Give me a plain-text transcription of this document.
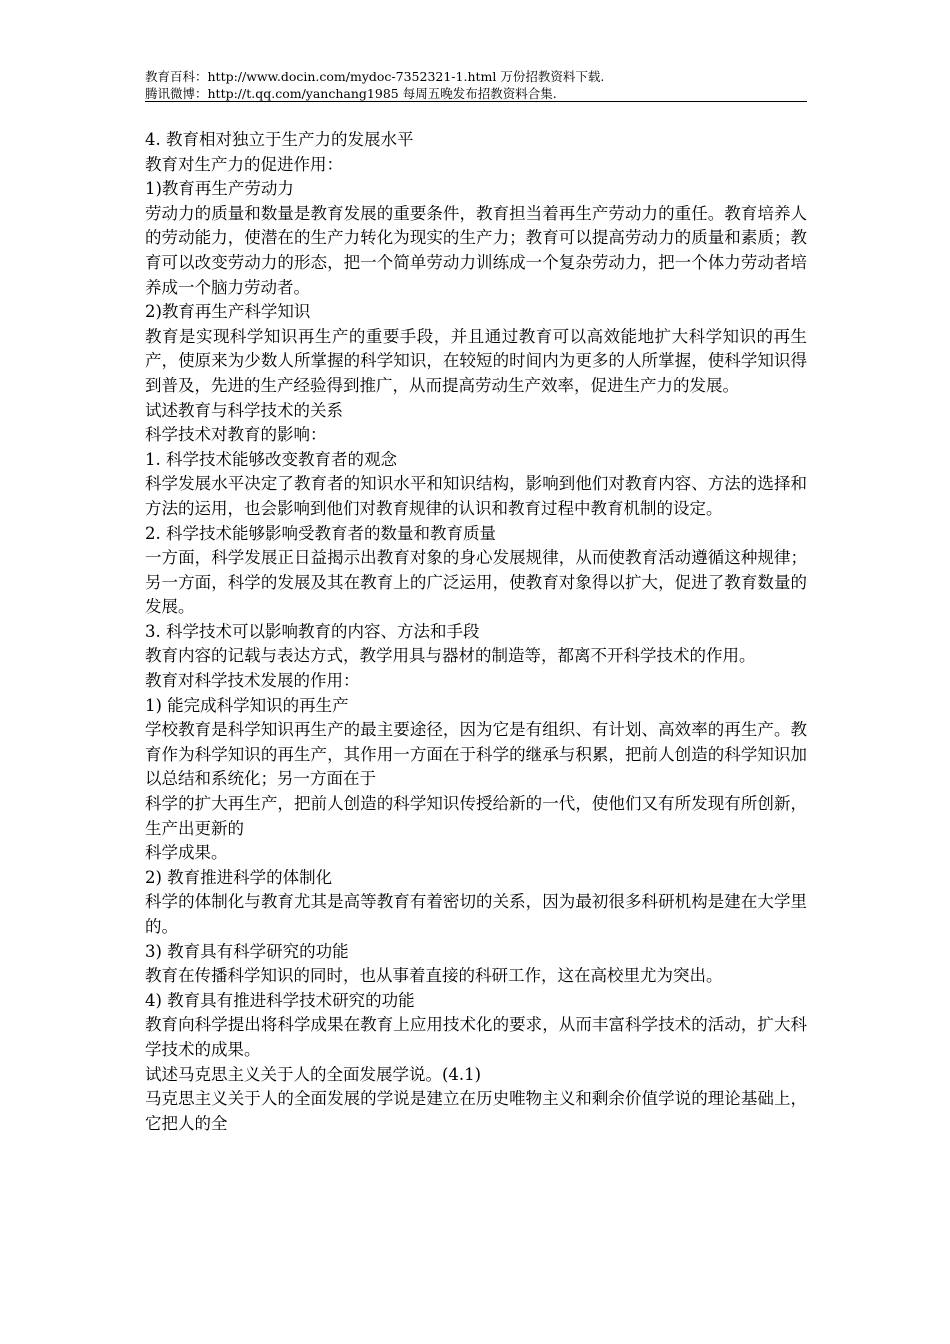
教育百科：http://www.docin.com/mydoc-7352321-1.html 万份招教资料下载.
腾讯微博：http://t.qq.com/yanchang1985 每周五晚发布招教资料合集.

4. 教育相对独立于生产力的发展水平

教育对生产力的促进作用：

1)教育再生产劳动力

劳动力的质量和数量是教育发展的重要条件，教育担当着再生产劳动力的重任。教育培养人的劳动能力，使潜在的生产力转化为现实的生产力；教育可以提高劳动力的质量和素质；教育可以改变劳动力的形态，把一个简单劳动力训练成一个复杂劳动力，把一个体力劳动者培养成一个脑力劳动者。

2)教育再生产科学知识

教育是实现科学知识再生产的重要手段，并且通过教育可以高效能地扩大科学知识的再生产，使原来为少数人所掌握的科学知识，在较短的时间内为更多的人所掌握，使科学知识得到普及，先进的生产经验得到推广，从而提高劳动生产效率，促进生产力的发展。

试述教育与科学技术的关系

科学技术对教育的影响：

1. 科学技术能够改变教育者的观念

科学发展水平决定了教育者的知识水平和知识结构，影响到他们对教育内容、方法的选择和方法的运用，也会影响到他们对教育规律的认识和教育过程中教育机制的设定。

2. 科学技术能够影响受教育者的数量和教育质量

一方面，科学发展正日益揭示出教育对象的身心发展规律，从而使教育活动遵循这种规律；另一方面，科学的发展及其在教育上的广泛运用，使教育对象得以扩大，促进了教育数量的发展。

3. 科学技术可以影响教育的内容、方法和手段

教育内容的记载与表达方式，教学用具与器材的制造等，都离不开科学技术的作用。

教育对科学技术发展的作用：

1) 能完成科学知识的再生产

学校教育是科学知识再生产的最主要途径，因为它是有组织、有计划、高效率的再生产。教育作为科学知识的再生产，其作用一方面在于科学的继承与积累，把前人创造的科学知识加以总结和系统化；另一方面在于

科学的扩大再生产，把前人创造的科学知识传授给新的一代，使他们又有所发现有所创新，生产出更新的

科学成果。

2) 教育推进科学的体制化

科学的体制化与教育尤其是高等教育有着密切的关系，因为最初很多科研机构是建在大学里的。

3) 教育具有科学研究的功能

教育在传播科学知识的同时，也从事着直接的科研工作，这在高校里尤为突出。

4) 教育具有推进科学技术研究的功能

教育向科学提出将科学成果在教育上应用技术化的要求，从而丰富科学技术的活动，扩大科学技术的成果。

试述马克思主义关于人的全面发展学说。(4.1)

马克思主义关于人的全面发展的学说是建立在历史唯物主义和剩余价值学说的理论基础上，它把人的全
